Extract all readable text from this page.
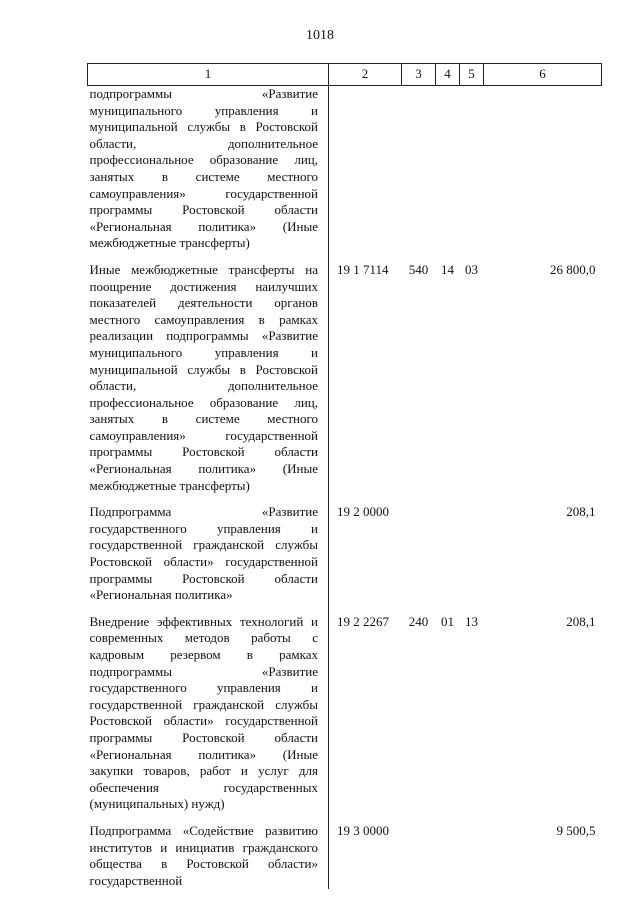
1018
1	2	3	4	5	6
подпрограммы «Развитие муниципального управления и муниципальной службы в Ростовской области, дополнительное профессиональное образование лиц, занятых в системе местного самоуправления» государственной программы Ростовской области «Региональная политика» (Иные межбюджетные трансферты)					
Иные межбюджетные трансферты на поощрение достижения наилучших показателей деятельности органов местного самоуправления в рамках реализации подпрограммы «Развитие муниципального управления и муниципальной службы в Ростовской области, дополнительное профессиональное образование лиц, занятых в системе местного самоуправления» государственной программы Ростовской области «Региональная политика» (Иные межбюджетные трансферты)	19 1 7114	540	14	03	26 800,0
Подпрограмма «Развитие государственного управления и государственной гражданской службы Ростовской области» государственной программы Ростовской области «Региональная политика»	19 2 0000				208,1
Внедрение эффективных технологий и современных методов работы с кадровым резервом в рамках подпрограммы «Развитие государственного управления и государственной гражданской службы Ростовской области» государственной программы Ростовской области «Региональная политика» (Иные закупки товаров, работ и услуг для обеспечения государственных (муниципальных) нужд)	19 2 2267	240	01	13	208,1
Подпрограмма «Содействие развитию институтов и инициатив гражданского общества в Ростовской области» государственной	19 3 0000				9 500,5
